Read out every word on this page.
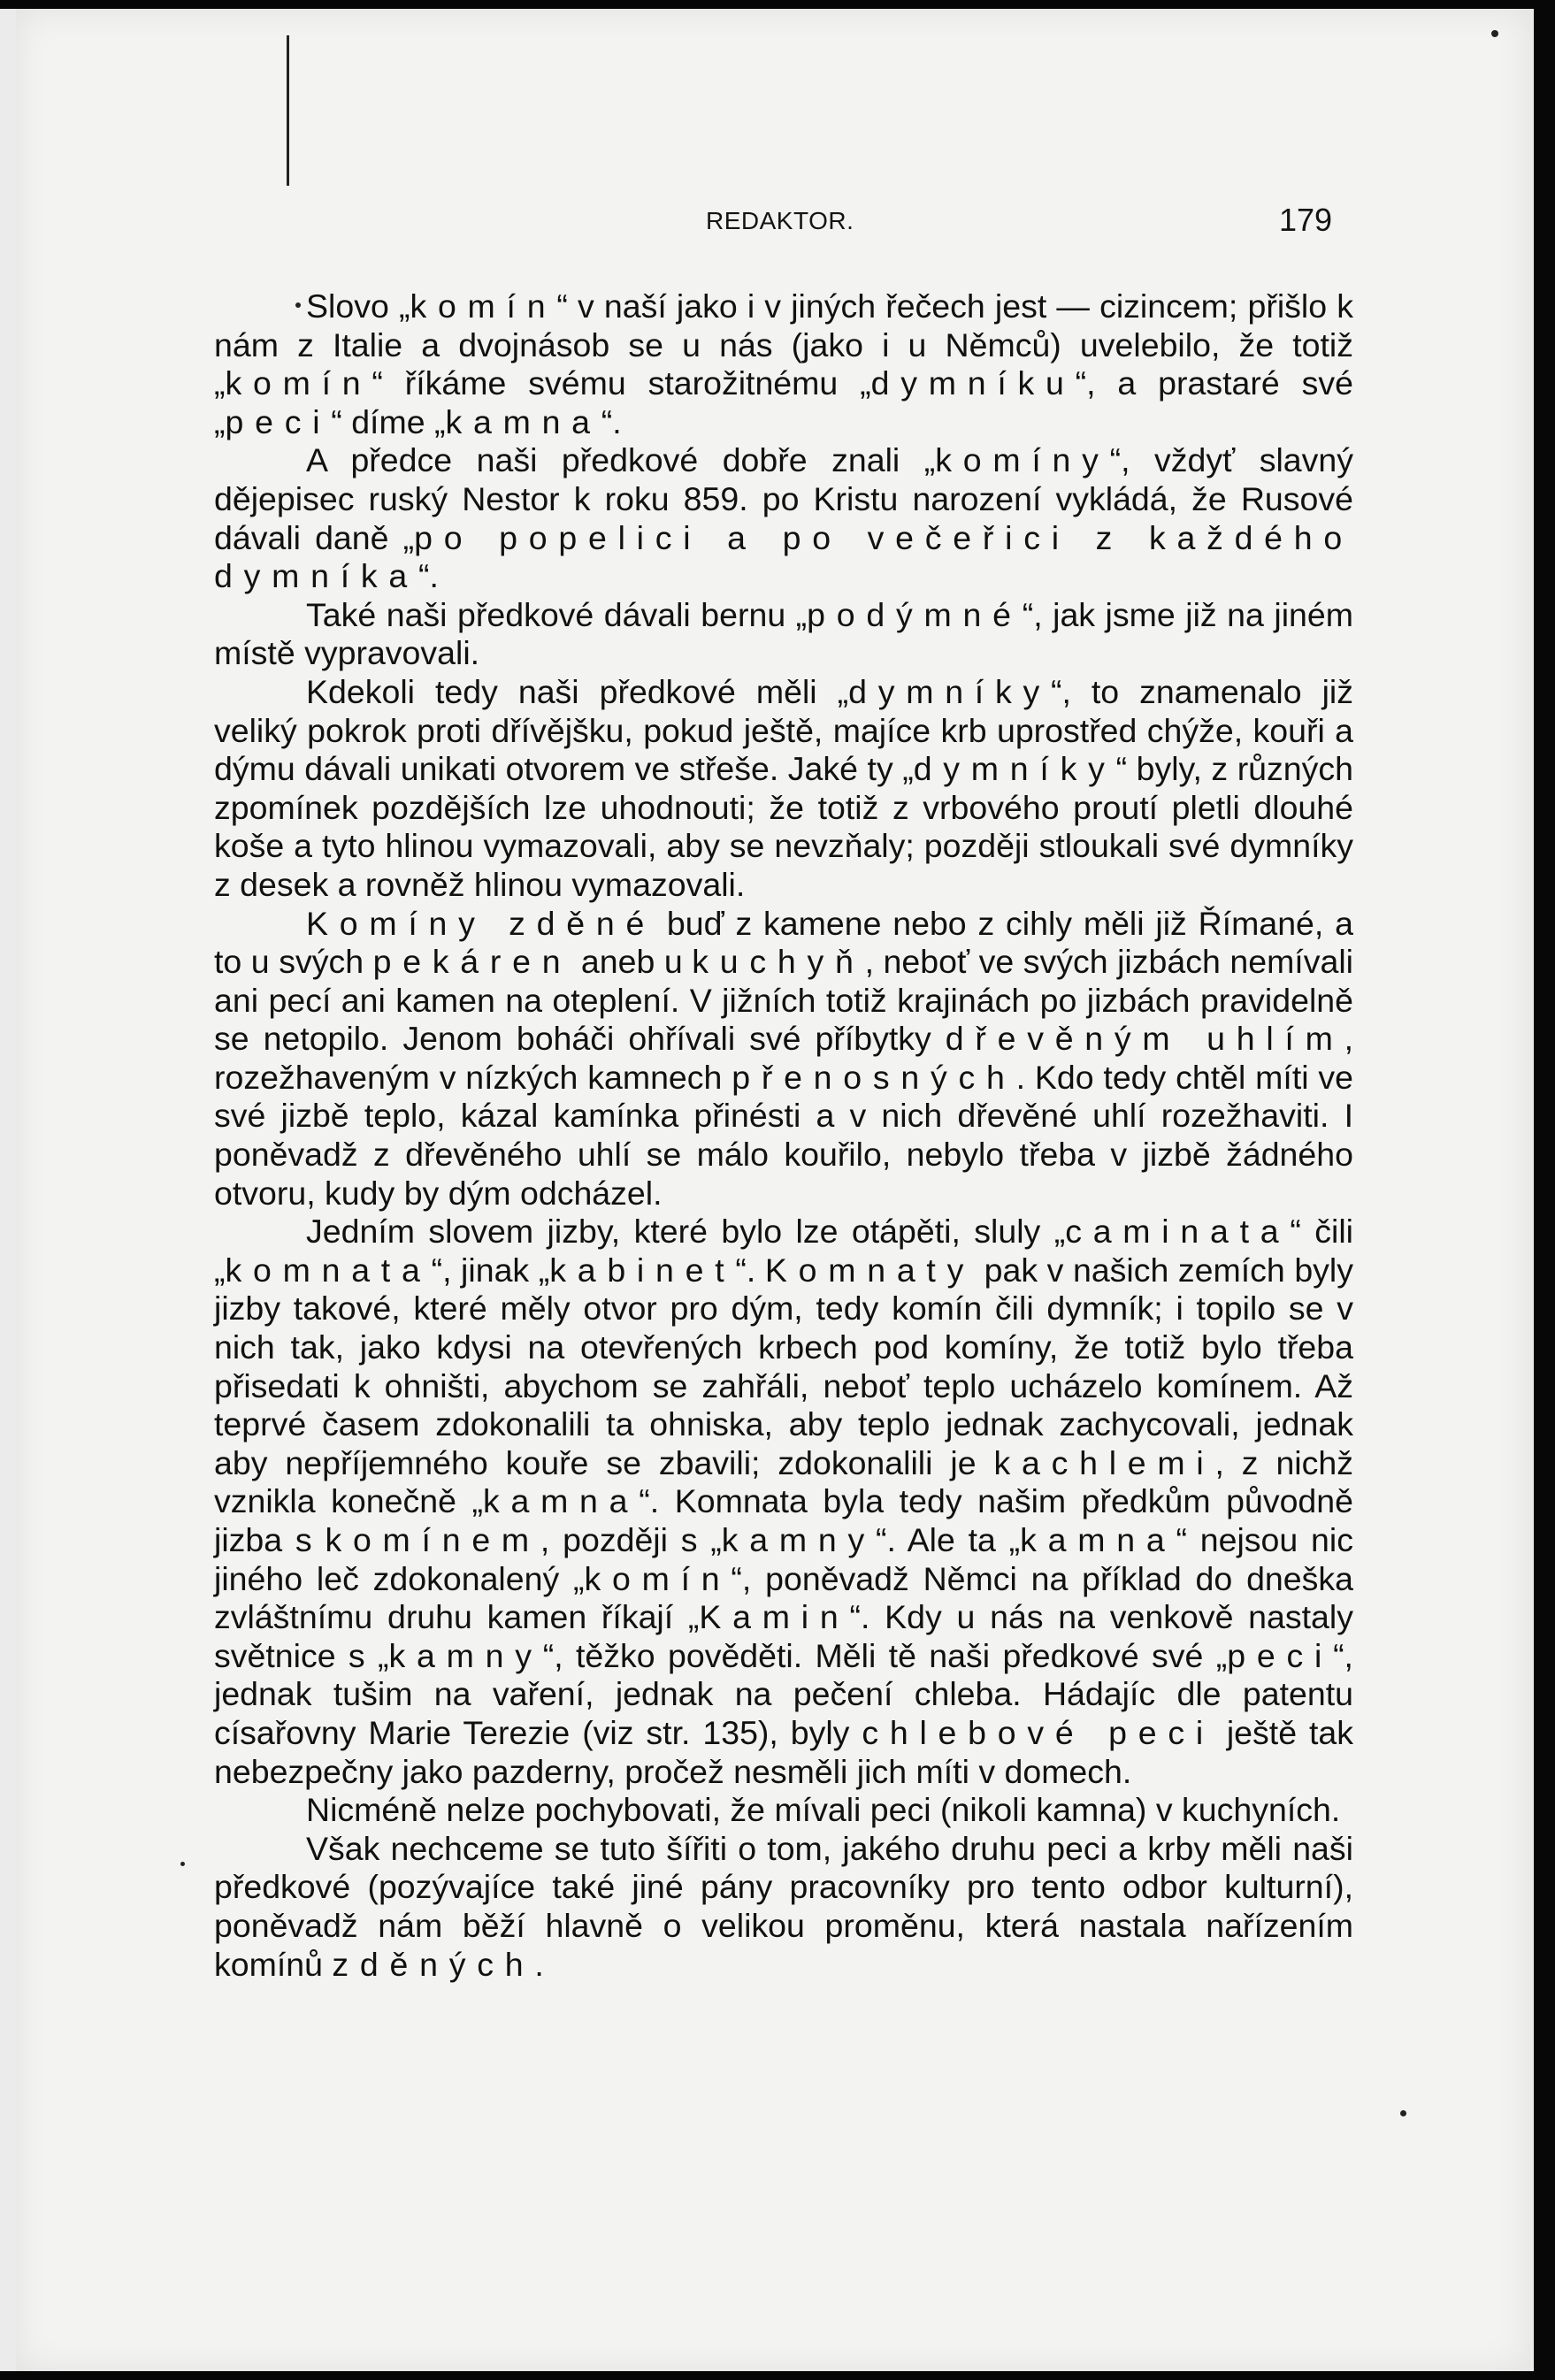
REDAKTOR.	179

Slovo „komín“ v naší jako i v jiných řečech jest — cizincem; přišlo k nám z Italie a dvojnásob se u nás (jako i u Němců) uvelebilo, že totiž „komín“ říkáme svému starožitnému „dymníku“, a prastaré své „peci“ díme „kamna“.

A předce naši předkové dobře znali „komíny“, vždyť slavný dějepisec ruský Nestor k roku 859. po Kristu narození vykládá, že Rusové dávali daně „po popelici a po večeřici z každého dymníka“.

Také naši předkové dávali bernu „podýmné“, jak jsme již na jiném místě vypravovali.

Kdekoli tedy naši předkové měli „dymníky“, to znamenalo již veliký pokrok proti dřívějšku, pokud ještě, majíce krb uprostřed chýže, kouři a dýmu dávali unikati otvorem ve střeše. Jaké ty „dymníky“ byly, z různých zpomínek pozdějších lze uhodnouti; že totiž z vrbového proutí pletli dlouhé koše a tyto hlinou vymazovali, aby se nevzňaly; později stloukali své dymníky z desek a rovněž hlinou vymazovali.

Komíny zděné buď z kamene nebo z cihly měli již Římané, a to u svých pekáren aneb u kuchyň, neboť ve svých jizbách nemívali ani pecí ani kamen na oteplení. V jižních totiž krajinách po jizbách pravidelně se netopilo. Jenom boháči ohřívali své příbytky dřevěným uhlím, rozežhaveným v nízkých kamnech přenosných. Kdo tedy chtěl míti ve své jizbě teplo, kázal kamínka přinésti a v nich dřevěné uhlí rozežhaviti. I poněvadž z dřevěného uhlí se málo kouřilo, nebylo třeba v jizbě žádného otvoru, kudy by dým odcházel.

Jedním slovem jizby, které bylo lze otápěti, sluly „caminata“ čili „komnata“, jinak „kabinet“. Komnaty pak v našich zemích byly jizby takové, které měly otvor pro dým, tedy komín čili dymník; i topilo se v nich tak, jako kdysi na otevřených krbech pod komíny, že totiž bylo třeba přisedati k ohništi, abychom se zahřáli, neboť teplo ucházelo komínem. Až teprvé časem zdokonalili ta ohniska, aby teplo jednak zachycovali, jednak aby nepříjemného kouře se zbavili; zdokonalili je kachlemi, z nichž vznikla konečně „kamna“. Komnata byla tedy našim předkům původně jizba s komínem, později s „kamny“. Ale ta „kamna“ nejsou nic jiného leč zdokonalený „komín“, poněvadž Němci na příklad do dneška zvláštnímu druhu kamen říkají „Kamin“. Kdy u nás na venkově nastaly světnice s „kamny“, těžko pověděti. Měli tě naši předkové své „peci“, jednak tušim na vaření, jednak na pečení chleba. Hádajíc dle patentu císařovny Marie Terezie (viz str. 135), byly chlebové peci ještě tak nebezpečny jako pazderny, pročež nesměli jich míti v domech.

Nicméně nelze pochybovati, že mívali peci (nikoli kamna) v kuchyních.

Však nechceme se tuto šířiti o tom, jakého druhu peci a krby měli naši předkové (pozývajíce také jiné pány pracovníky pro tento odbor kulturní), poněvadž nám běží hlavně o velikou proměnu, která nastala nařízením komínů zděných.
